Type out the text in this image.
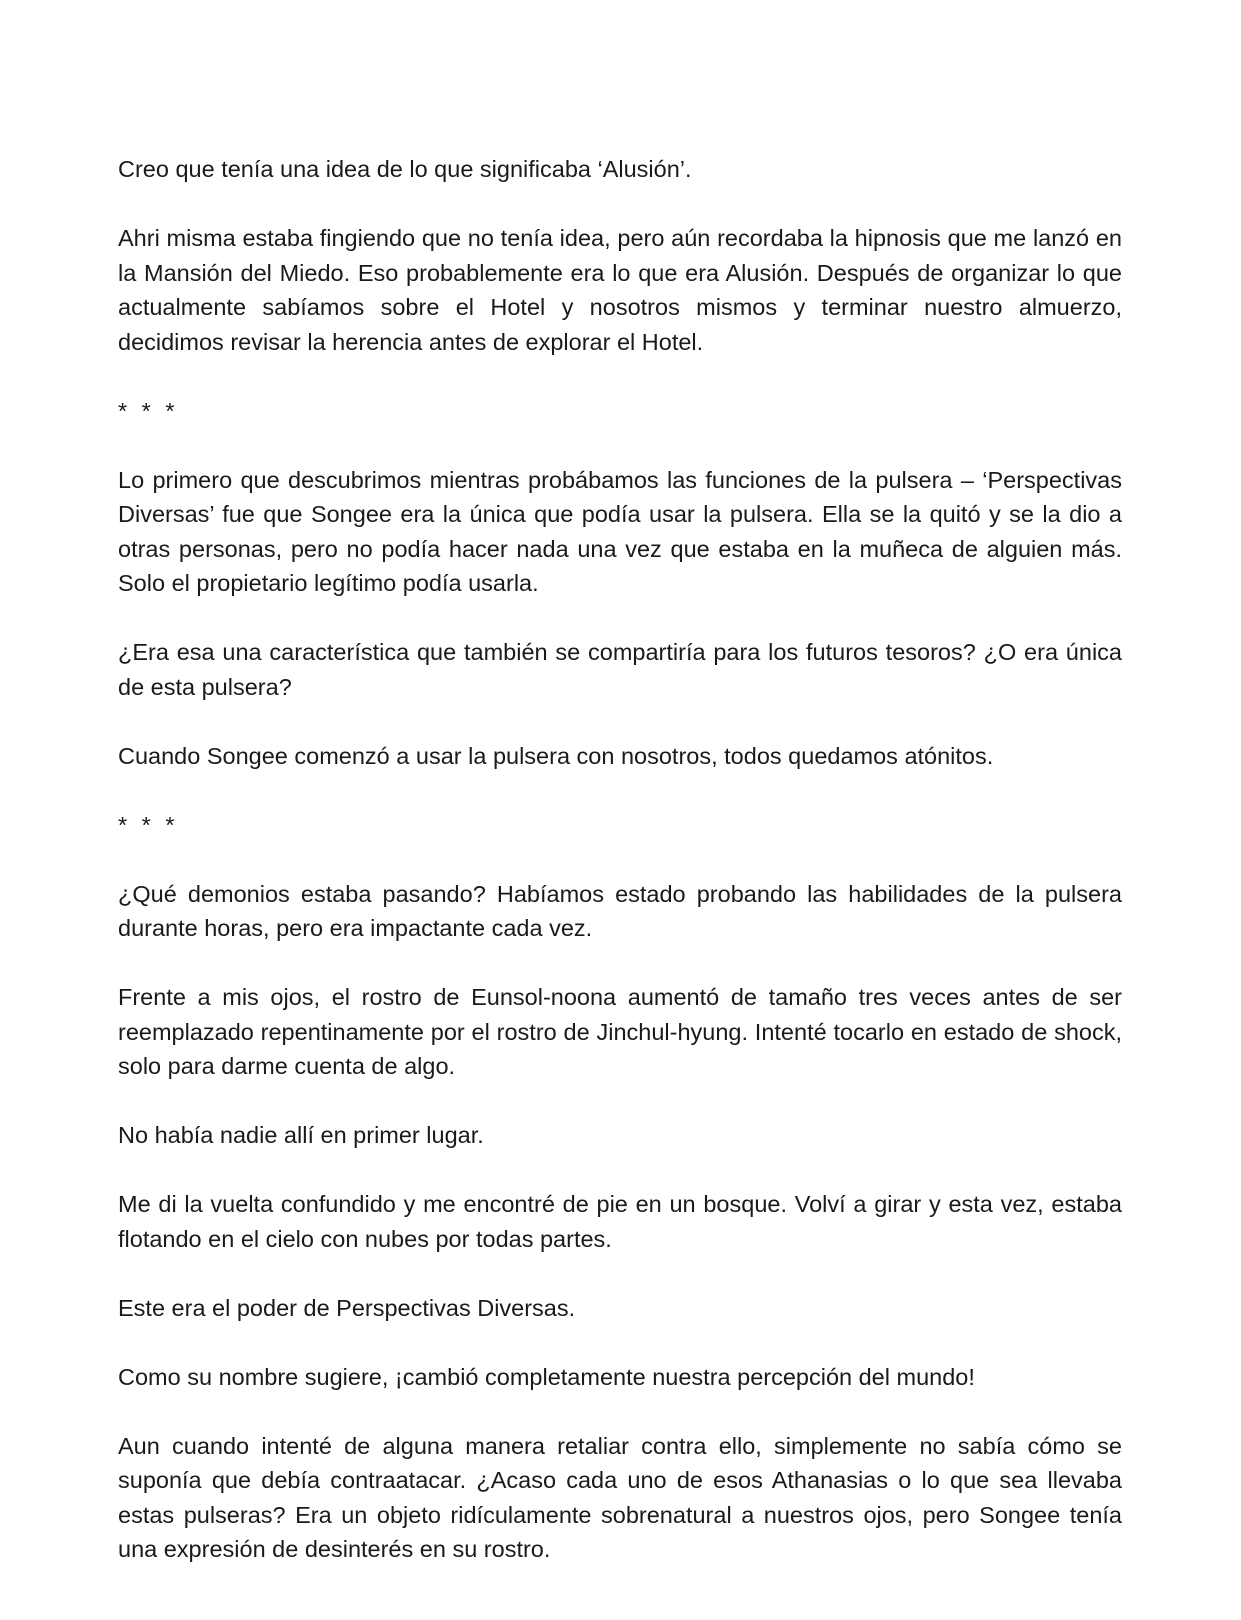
Creo que tenía una idea de lo que significaba ‘Alusión’.

Ahri misma estaba fingiendo que no tenía idea, pero aún recordaba la hipnosis que me lanzó en la Mansión del Miedo. Eso probablemente era lo que era Alusión. Después de organizar lo que actualmente sabíamos sobre el Hotel y nosotros mismos y terminar nuestro almuerzo, decidimos revisar la herencia antes de explorar el Hotel.

* * *

Lo primero que descubrimos mientras probábamos las funciones de la pulsera – ‘Perspectivas Diversas’ fue que Songee era la única que podía usar la pulsera. Ella se la quitó y se la dio a otras personas, pero no podía hacer nada una vez que estaba en la muñeca de alguien más. Solo el propietario legítimo podía usarla.

¿Era esa una característica que también se compartiría para los futuros tesoros? ¿O era única de esta pulsera?

Cuando Songee comenzó a usar la pulsera con nosotros, todos quedamos atónitos.

* * *

¿Qué demonios estaba pasando? Habíamos estado probando las habilidades de la pulsera durante horas, pero era impactante cada vez.

Frente a mis ojos, el rostro de Eunsol-noona aumentó de tamaño tres veces antes de ser reemplazado repentinamente por el rostro de Jinchul-hyung. Intenté tocarlo en estado de shock, solo para darme cuenta de algo.

No había nadie allí en primer lugar.

Me di la vuelta confundido y me encontré de pie en un bosque. Volví a girar y esta vez, estaba flotando en el cielo con nubes por todas partes.

Este era el poder de Perspectivas Diversas.

Como su nombre sugiere, ¡cambió completamente nuestra percepción del mundo!

Aun cuando intenté de alguna manera retaliar contra ello, simplemente no sabía cómo se suponía que debía contraatacar. ¿Acaso cada uno de esos Athanasias o lo que sea llevaba estas pulseras? Era un objeto ridículamente sobrenatural a nuestros ojos, pero Songee tenía una expresión de desinterés en su rostro.
